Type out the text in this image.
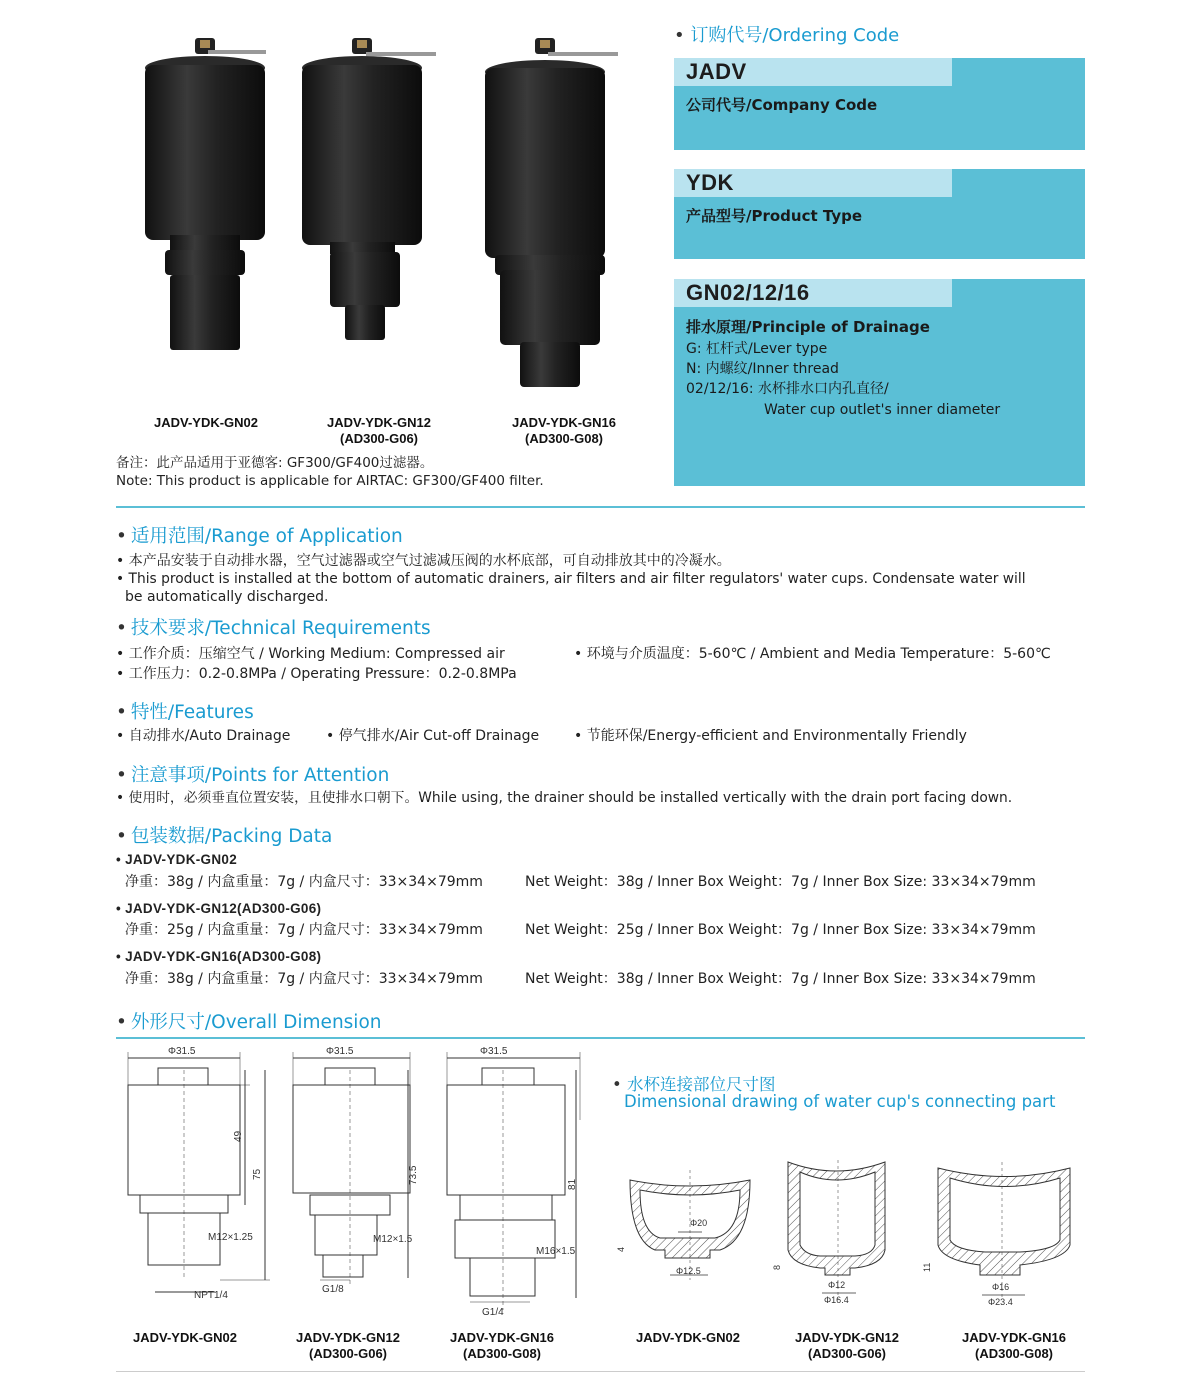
JADV-YDK-GN02	JADV-YDK-GN12
(AD300-G06)
JADV-YDK-GN16
(AD300-G08)
备注：此产品适用于亚德客: GF300/GF400过滤器。
Note: This product is applicable for AIRTAC: GF300/GF400 filter.
• 订购代号/Ordering Code
JADV
公司代号/Company Code
YDK
产品型号/Product Type
GN02/12/16
排水原理/Principle of Drainage
G: 杠杆式/Lever type
N: 内螺纹/Inner thread
02/12/16: 水杯排水口内孔直径/
Water cup outlet's inner diameter
• 适用范围/Range of Application
• 本产品安装于自动排水器，空气过滤器或空气过滤减压阀的水杯底部，可自动排放其中的冷凝水。
• This product is installed at the bottom of automatic drainers, air filters and air filter regulators' water cups. Condensate water will
be automatically discharged.
• 技术要求/Technical Requirements
• 工作介质：压缩空气 / Working Medium: Compressed air	• 环境与介质温度：5-60℃ / Ambient and Media Temperature：5-60℃
• 工作压力：0.2-0.8MPa / Operating Pressure：0.2-0.8MPa
• 特性/Features
• 自动排水/Auto Drainage	• 停气排水/Air Cut-off Drainage • 节能环保/Energy-efficient and Environmentally Friendly
• 注意事项/Points for Attention
• 使用时，必须垂直位置安装，且使排水口朝下。While using, the drainer should be installed vertically with the drain port facing down.
• 包装数据/Packing Data
• JADV-YDK-GN02
净重：38g / 内盒重量：7g / 内盒尺寸：33×34×79mm	Net Weight：38g / Inner Box Weight：7g / Inner Box Size: 33×34×79mm
• JADV-YDK-GN12(AD300-G06)
净重：25g / 内盒重量：7g / 内盒尺寸：33×34×79mm	Net Weight：25g / Inner Box Weight：7g / Inner Box Size: 33×34×79mm
• JADV-YDK-GN16(AD300-G08)
净重：38g / 内盒重量：7g / 内盒尺寸：33×34×79mm	Net Weight：38g / Inner Box Weight：7g / Inner Box Size: 33×34×79mm
• 外形尺寸/Overall Dimension
Φ31.5
49
75
M12×1.25
NPT1/4
Φ31.5
73.5
M12×1.5
G1/8
Φ31.5
81
M16×1.5
G1/4
JADV-YDK-GN02	JADV-YDK-GN12
(AD300-G06)
JADV-YDK-GN16
(AD300-G08)
• 水杯连接部位尺寸图
Dimensional drawing of water cup's connecting part
Φ20
Φ12.5
4
Φ12
Φ16.4
8
Φ16
Φ23.4
11
JADV-YDK-GN02	JADV-YDK-GN12
(AD300-G06)
JADV-YDK-GN16
(AD300-G08)
